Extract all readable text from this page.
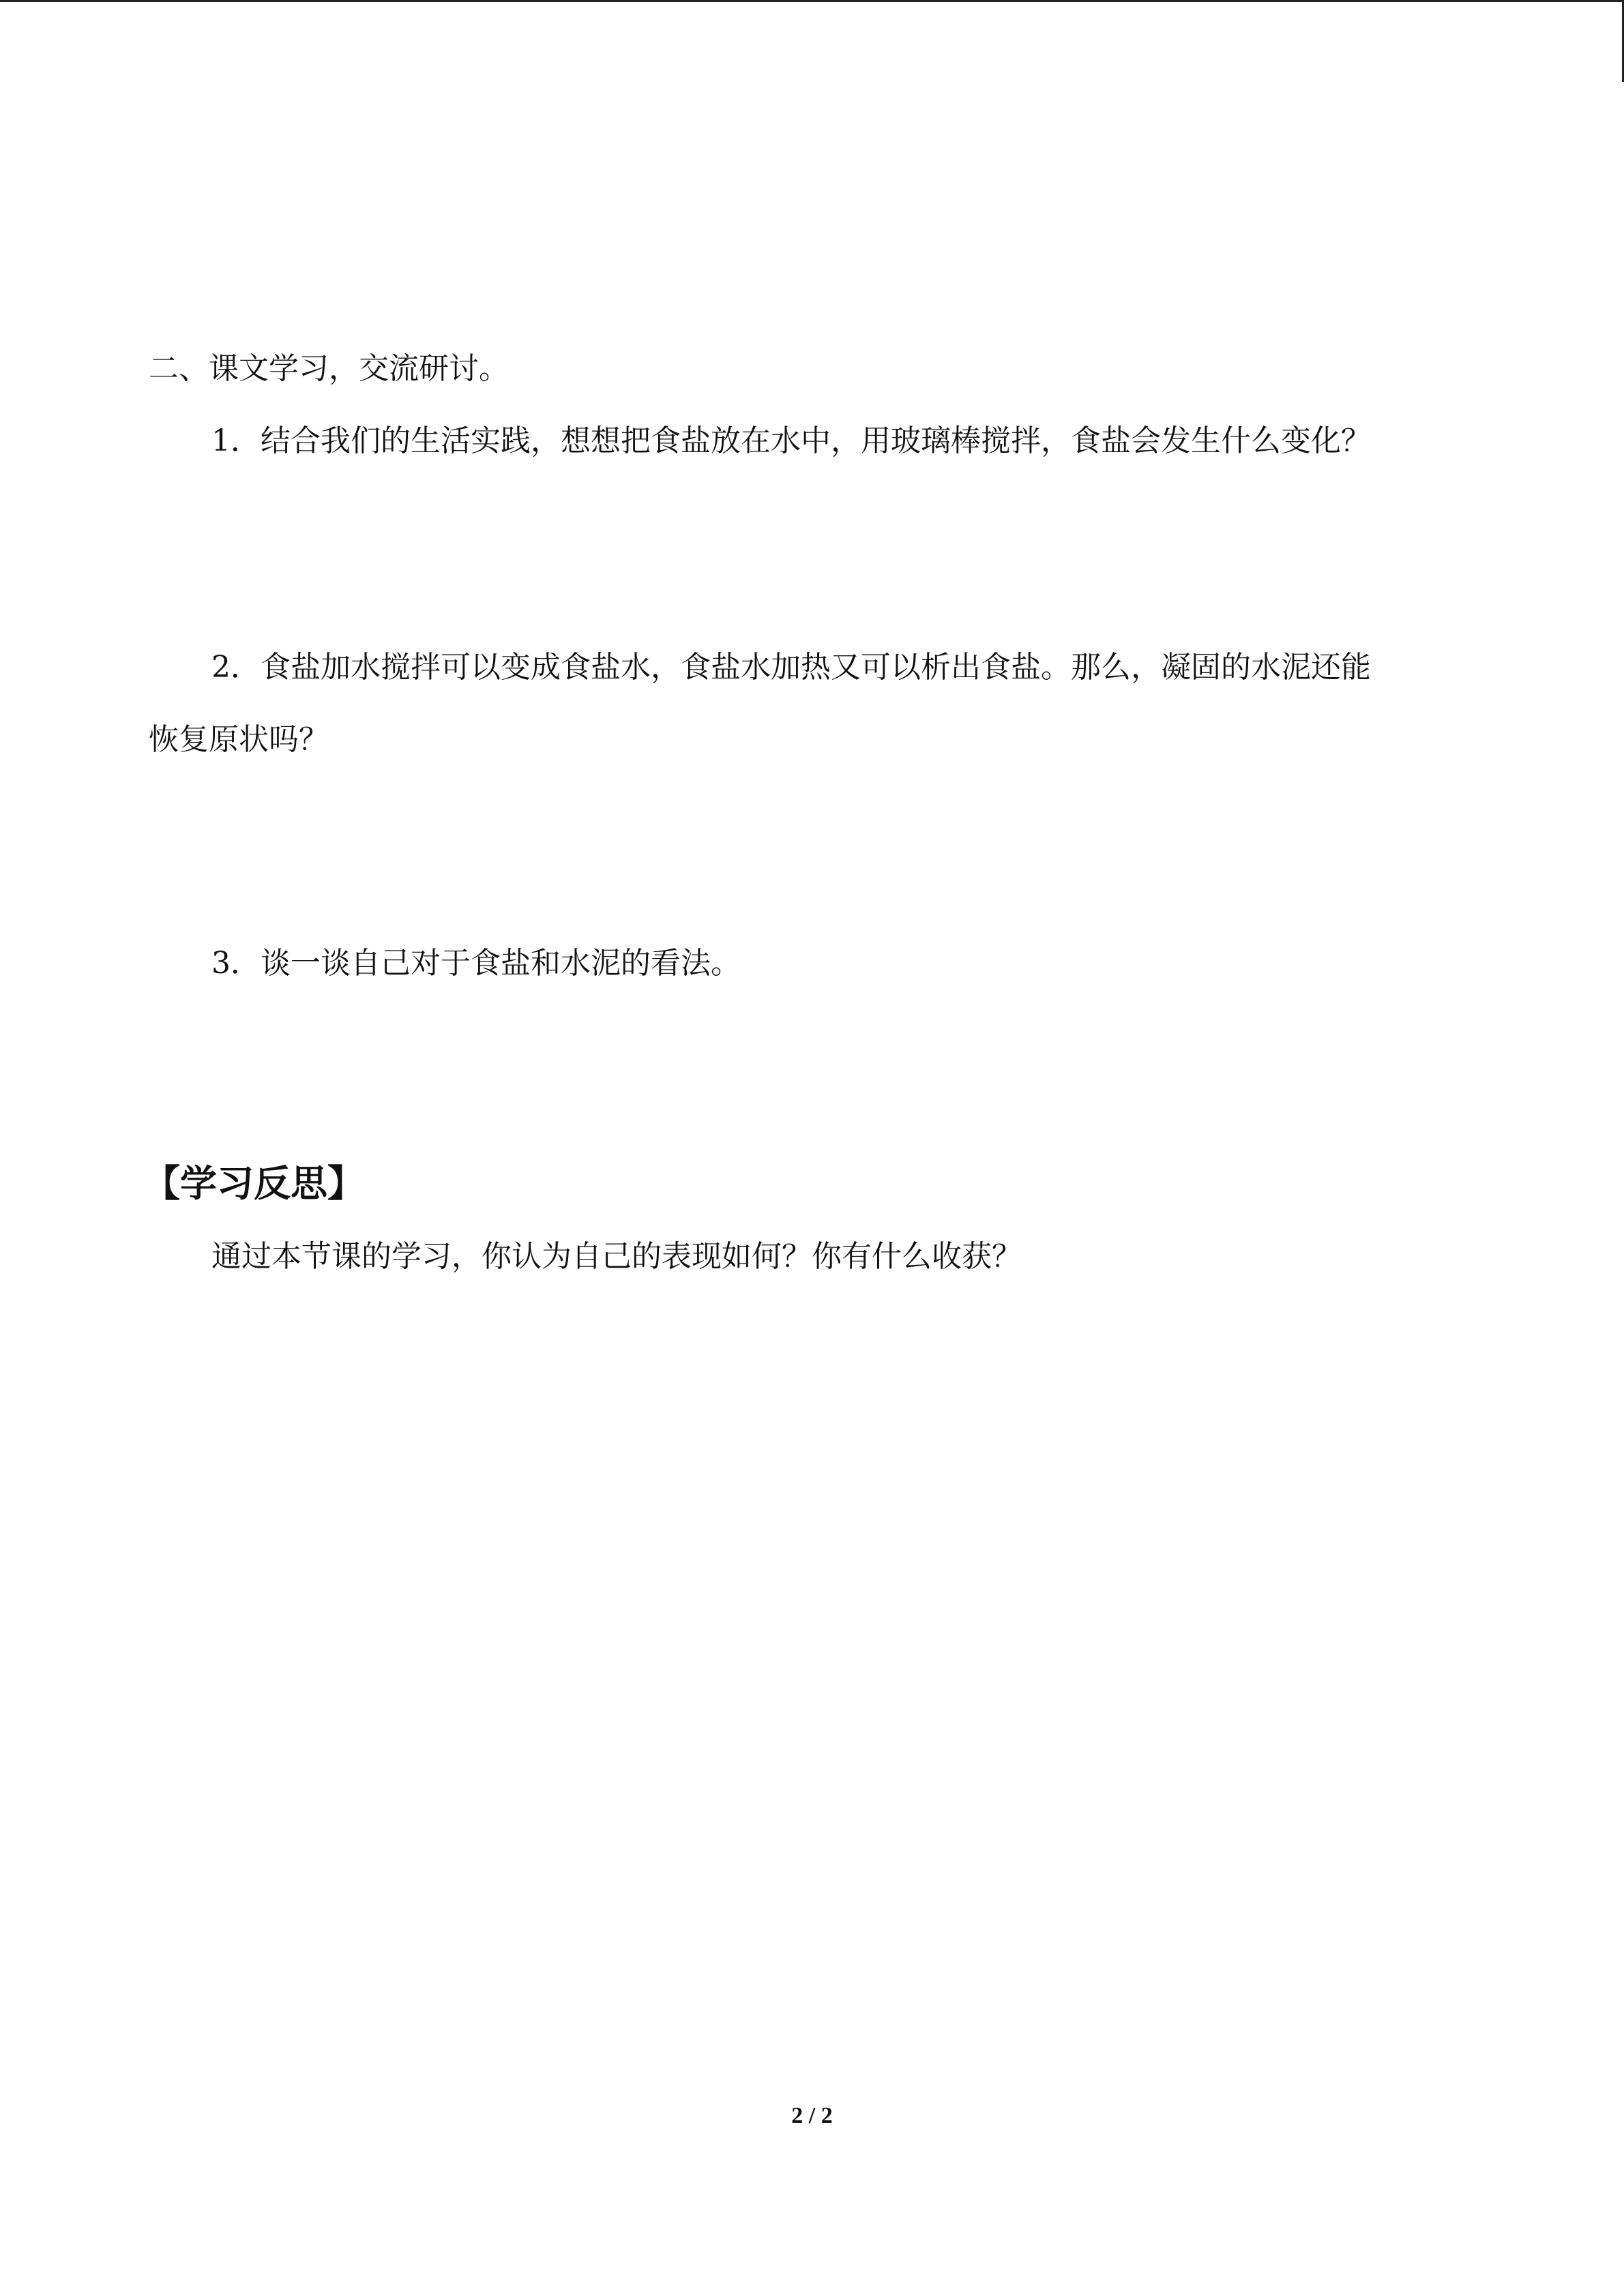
二、课文学习，交流研讨。
1．结合我们的生活实践，想想把食盐放在水中，用玻璃棒搅拌，食盐会发生什么变化？
2．食盐加水搅拌可以变成食盐水，食盐水加热又可以析出食盐。那么，凝固的水泥还能
恢复原状吗？
3．谈一谈自己对于食盐和水泥的看法。
【学习反思】
通过本节课的学习，你认为自己的表现如何？你有什么收获？
2 / 2
